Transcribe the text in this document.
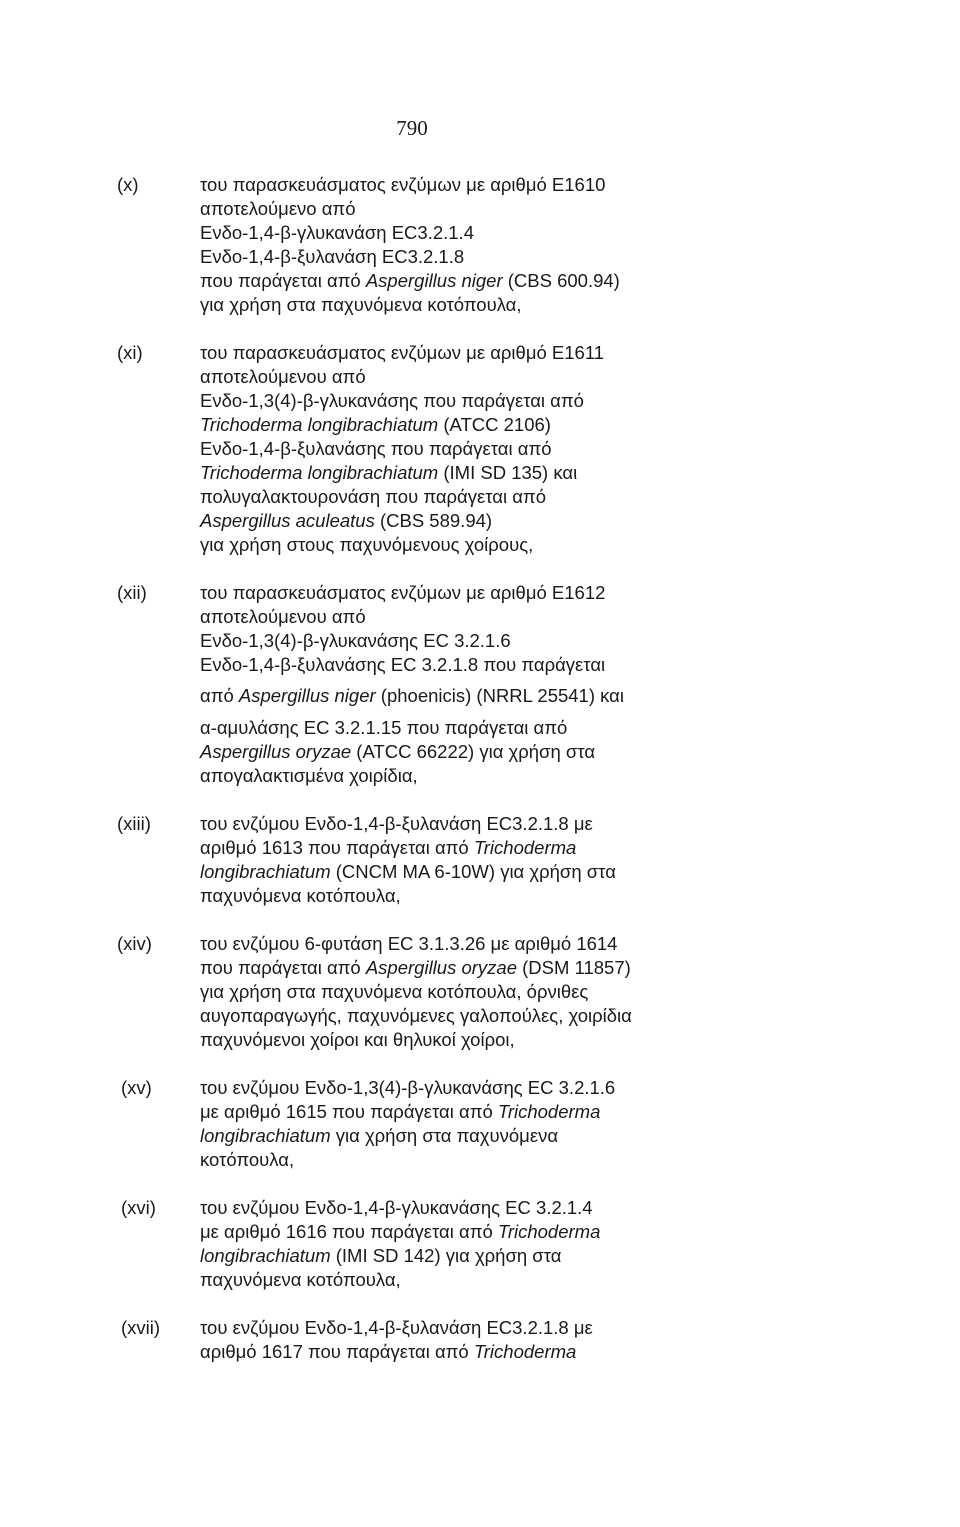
790
(x)	του παρασκευάσματος ενζύμων με αριθμό Ε1610
αποτελούμενο από
Ενδο-1,4-β-γλυκανάση EC3.2.1.4
Ενδο-1,4-β-ξυλανάση EC3.2.1.8
που παράγεται από Aspergillus niger (CBS 600.94)
για χρήση στα παχυνόμενα κοτόπουλα,
(xi)	του παρασκευάσματος ενζύμων με αριθμό Ε1611
αποτελούμενου από
Ενδο-1,3(4)-β-γλυκανάσης που παράγεται από
Trichoderma longibrachiatum (ATCC 2106)
Ενδο-1,4-β-ξυλανάσης που παράγεται από
Trichoderma longibrachiatum (IMI SD 135) και
πολυγαλακτουρονάση που παράγεται από
Aspergillus aculeatus (CBS 589.94)
για χρήση στους παχυνόμενους χοίρους,
(xii)	του παρασκευάσματος ενζύμων με αριθμό Ε1612
αποτελούμενου από
Ενδο-1,3(4)-β-γλυκανάσης EC 3.2.1.6
Ενδο-1,4-β-ξυλανάσης EC 3.2.1.8 που παράγεται
από Aspergillus niger (phoenicis) (NRRL 25541) και
α-αμυλάσης EC 3.2.1.15 που παράγεται από
Aspergillus oryzae (ATCC 66222) για χρήση στα
απογαλακτισμένα χοιρίδια,
(xiii)	του ενζύμου Ενδο-1,4-β-ξυλανάση EC3.2.1.8 με
αριθμό 1613 που παράγεται από Trichoderma
longibrachiatum (CNCM MA 6-10W) για χρήση στα
παχυνόμενα κοτόπουλα,
(xiv)	του ενζύμου 6-φυτάση EC 3.1.3.26 με αριθμό 1614
που παράγεται από Aspergillus oryzae (DSM 11857)
για χρήση στα παχυνόμενα κοτόπουλα, όρνιθες
αυγοπαραγωγής, παχυνόμενες γαλοπούλες, χοιρίδια
παχυνόμενοι χοίροι και θηλυκοί χοίροι,
(xv)	του ενζύμου Ενδο-1,3(4)-β-γλυκανάσης EC 3.2.1.6
με αριθμό 1615 που παράγεται από Trichoderma
longibrachiatum για χρήση στα παχυνόμενα
κοτόπουλα,
(xvi) του ενζύμου Ενδο-1,4-β-γλυκανάσης EC 3.2.1.4
με αριθμό 1616 που παράγεται από Trichoderma
longibrachiatum (IMI SD 142) για χρήση στα
παχυνόμενα κοτόπουλα,
(xvii) του ενζύμου Ενδο-1,4-β-ξυλανάση EC3.2.1.8 με
αριθμό 1617 που παράγεται από Trichoderma
